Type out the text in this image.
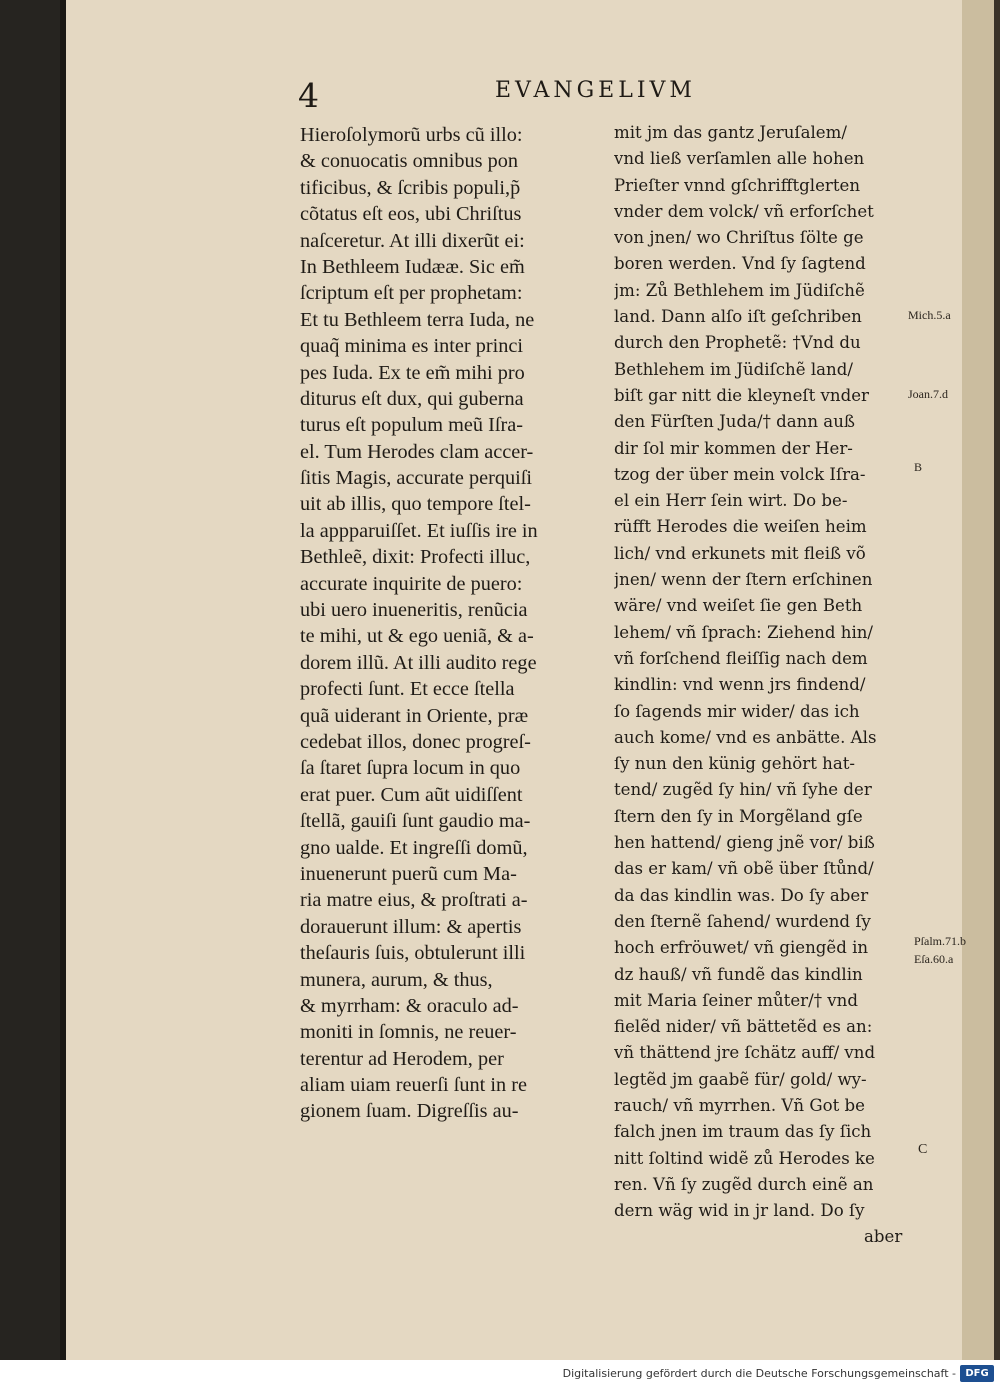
4	EVANGELIVM
Hieroſolymorũ urbs cũ illo:
& conuocatis omnibus pon
tificibus, & ſcribis populi,p̃
cõtatus eſt eos, ubi Chriſtus
naſceretur. At illi dixerũt ei:
In Bethleem Iudææ. Sic em̃
ſcriptum eſt per prophetam:
Et tu Bethleem terra Iuda, ne
quaq̃ minima es inter princi
pes Iuda. Ex te em̃ mihi pro
diturus eſt dux, qui guberna
turus eſt populum meũ Iſra-
el. Tum Herodes clam accer-
ſitis Magis, accurate perquiſi
uit ab illis, quo tempore ſtel-
la appparuiſſet. Et iuſſis ire in
Bethleẽ, dixit: Profecti illuc,
accurate inquirite de puero:
ubi uero inueneritis, renũcia
te mihi, ut & ego ueniã, & a-
dorem illũ. At illi audito rege
profecti ſunt. Et ecce ſtella
quã uiderant in Oriente, præ
cedebat illos, donec progreſ-
ſa ſtaret ſupra locum in quo
erat puer. Cum aũt uidiſſent
ſtellã, gauiſi ſunt gaudio ma-
gno ualde. Et ingreſſi domũ,
inuenerunt puerũ cum Ma-
ria matre eius, & proſtrati a-
dorauerunt illum: & apertis
theſauris ſuis, obtulerunt illi
munera, aurum, & thus,
& myrrham: & oraculo ad-
moniti in ſomnis, ne reuer-
terentur ad Herodem, per
aliam uiam reuerſi ſunt in re
gionem ſuam. Digreſſis au-
mit jm das gantz Jeruſalem/
vnd ließ verſamlen alle hohen
Prieſter vnnd gſchrifftglerten
vnder dem volck/ vñ erforſchet
von jnen/ wo Chriſtus ſölte ge
boren werden. Vnd ſy ſagtend
jm: Zů Bethlehem im Jüdiſchẽ
land. Dann alſo iſt geſchriben
durch den Prophetẽ: †Vnd du
Bethlehem im Jüdiſchẽ land/
biſt gar nitt die kleyneſt vnder
den Fürſten Juda/† dann auß
dir ſol mir kommen der Her-
tzog der über mein volck Iſra-
el ein Herr ſein wirt. Do be-
rüfft Herodes die weiſen heim
lich/ vnd erkunets mit fleiß võ
jnen/ wenn der ſtern erſchinen
wäre/ vnd weiſet ſie gen Beth
lehem/ vñ ſprach: Ziehend hin/
vñ forſchend fleiſſig nach dem
kindlin: vnd wenn jrs findend/
ſo ſagends mir wider/ das ich
auch kome/ vnd es anbätte. Als
ſy nun den künig gehört hat-
tend/ zugẽd ſy hin/ vñ ſyhe der
ſtern den ſy in Morgẽland gſe
hen hattend/ gieng jnẽ vor/ biß
das er kam/ vñ obẽ über ſtůnd/
da das kindlin was. Do ſy aber
den ſternẽ ſahend/ wurdend ſy
hoch erfröuwet/ vñ giengẽd in
dz hauß/ vñ fundẽ das kindlin
mit Maria ſeiner můter/† vnd
fielẽd nider/ vñ bättetẽd es an:
vñ thättend jre ſchätz auff/ vnd
legtẽd jm gaabẽ für/ gold/ wy-
rauch/ vñ myrrhen. Vñ Got be
falch jnen im traum das ſy ſich
nitt ſoltind widẽ zů Herodes ke
ren. Vñ ſy zugẽd durch einẽ an
dern wäg wid in jr land. Do ſy
aber
Mich.5.a
Joan.7.d
B
Pſalm.71.b
Eſa.60.a
C
Digitalisierung gefördert durch die Deutsche Forschungsgemeinschaft - DFG
